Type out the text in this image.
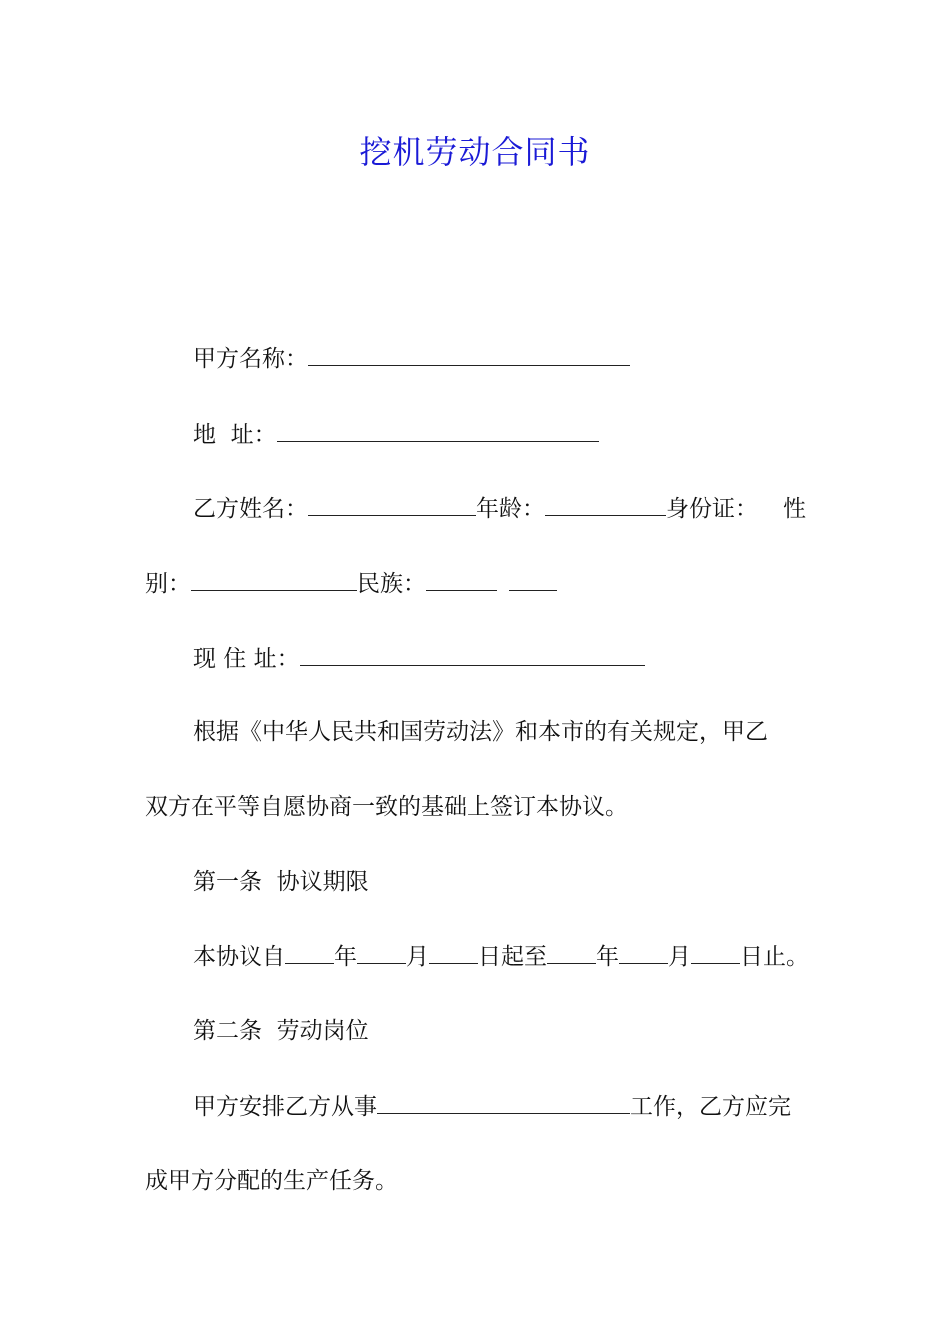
挖机劳动合同书
甲方名称：
地  址：
乙方姓名：	年龄：	身份证： 性
别：	民族：
现 住 址：
根据《中华人民共和国劳动法》和本市的有关规定，甲乙
双方在平等自愿协商一致的基础上签订本协议。
第一条  协议期限
本协议自 年 月 日起至 年 月 日止。
第二条  劳动岗位
甲方安排乙方从事	工作，乙方应完
成甲方分配的生产任务。
